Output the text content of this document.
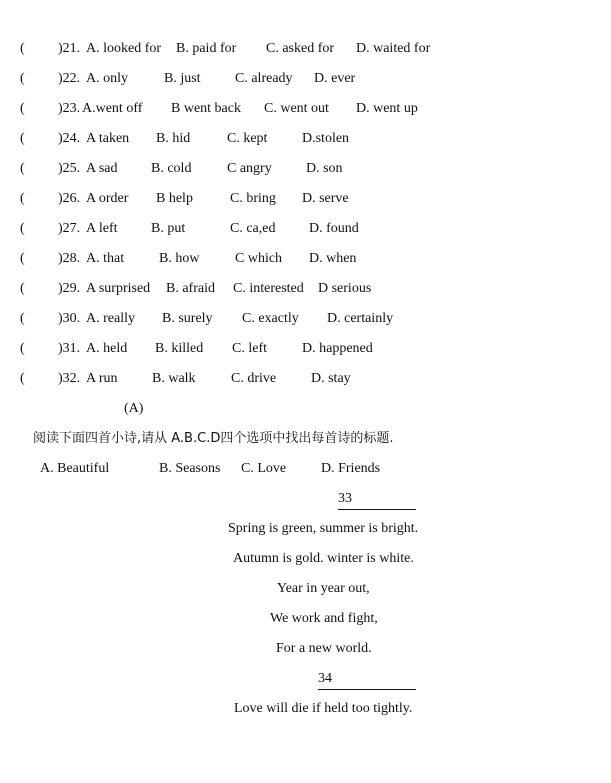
( )21. A. looked for B. paid for C. asked for D. waited for
( )22. A. only	B. just C. already D. ever
( )23. A.went off B went back C. went out D. went up
( )24. A taken B. hid	C. kept D.stolen
( )25. A sad B. cold	C angry D. son
( )26. A order B help	C. bring D. serve
( )27. A left B. put	C. ca,ed D. found
( )28. A. that B. how	C which D. when
( )29. A surprised B. afraid C. interested D serious
( )30. A. really B. surely C. exactly D. certainly
( )31. A. held B. killed C. left	D. happened
( )32. A run B. walk	C. drive D. stay
(A)
阅读下面四首小诗,请从 A.B.C.D四个选项中找出每首诗的标题.
A. Beautiful	B. Seasons C. Love D. Friends
33
Spring is green, summer is bright.
Autumn is gold. winter is white.
Year in year out,
We work and fight,
For a new world.
34
Love will die if held too tightly.
